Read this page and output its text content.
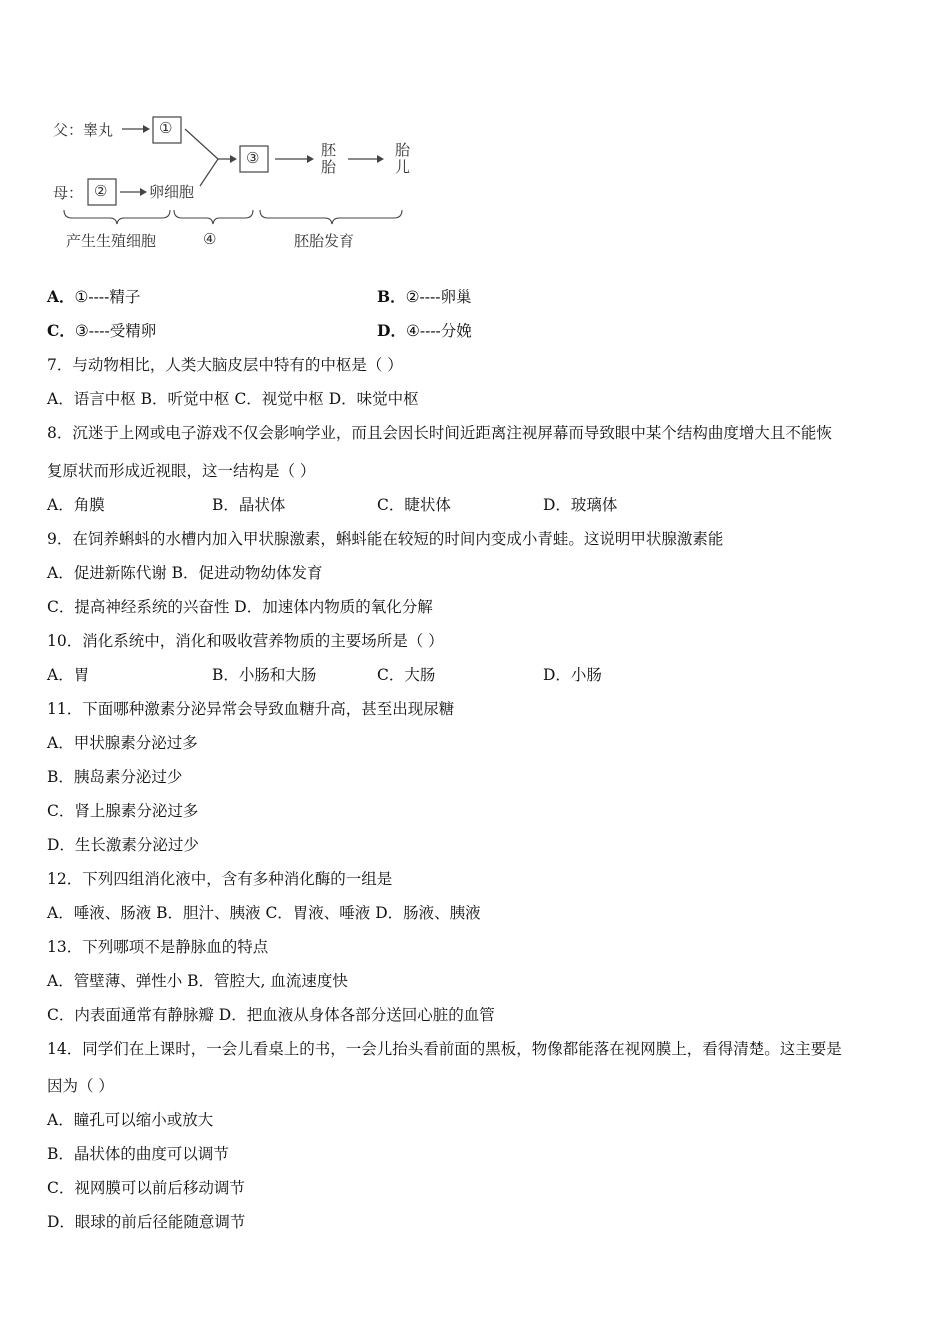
父：睾丸	①
母： ②	卵细胞
③	胚胎	胎儿
产生生殖细胞	④	胚胎发育
A．①----精子	B．②----卵巢
C．③----受精卵	D．④----分娩
7．与动物相比，人类大脑皮层中特有的中枢是（ ）
A．语言中枢 B．听觉中枢 C．视觉中枢 D．味觉中枢
8．沉迷于上网或电子游戏不仅会影响学业，而且会因长时间近距离注视屏幕而导致眼中某个结构曲度增大且不能恢
复原状而形成近视眼，这一结构是（ ）
A．角膜	B．晶状体	C．睫状体	D．玻璃体
9．在饲养蝌蚪的水槽内加入甲状腺激素，蝌蚪能在较短的时间内变成小青蛙。这说明甲状腺激素能
A．促进新陈代谢 B．促进动物幼体发育
C．提高神经系统的兴奋性 D．加速体内物质的氧化分解
10．消化系统中，消化和吸收营养物质的主要场所是（ ）
A．胃	B．小肠和大肠	C．大肠	D．小肠
11．下面哪种激素分泌异常会导致血糖升高，甚至出现尿糖
A．甲状腺素分泌过多
B．胰岛素分泌过少
C．肾上腺素分泌过多
D．生长激素分泌过少
12．下列四组消化液中，含有多种消化酶的一组是
A．唾液、肠液 B．胆汁、胰液 C．胃液、唾液 D．肠液、胰液
13．下列哪项不是静脉血的特点
A．管壁薄、弹性小 B．管腔大, 血流速度快
C．内表面通常有静脉瓣 D．把血液从身体各部分送回心脏的血管
14．同学们在上课时，一会儿看桌上的书，一会儿抬头看前面的黑板，物像都能落在视网膜上，看得清楚。这主要是
因为（ ）
A．瞳孔可以缩小或放大
B．晶状体的曲度可以调节
C．视网膜可以前后移动调节
D．眼球的前后径能随意调节
